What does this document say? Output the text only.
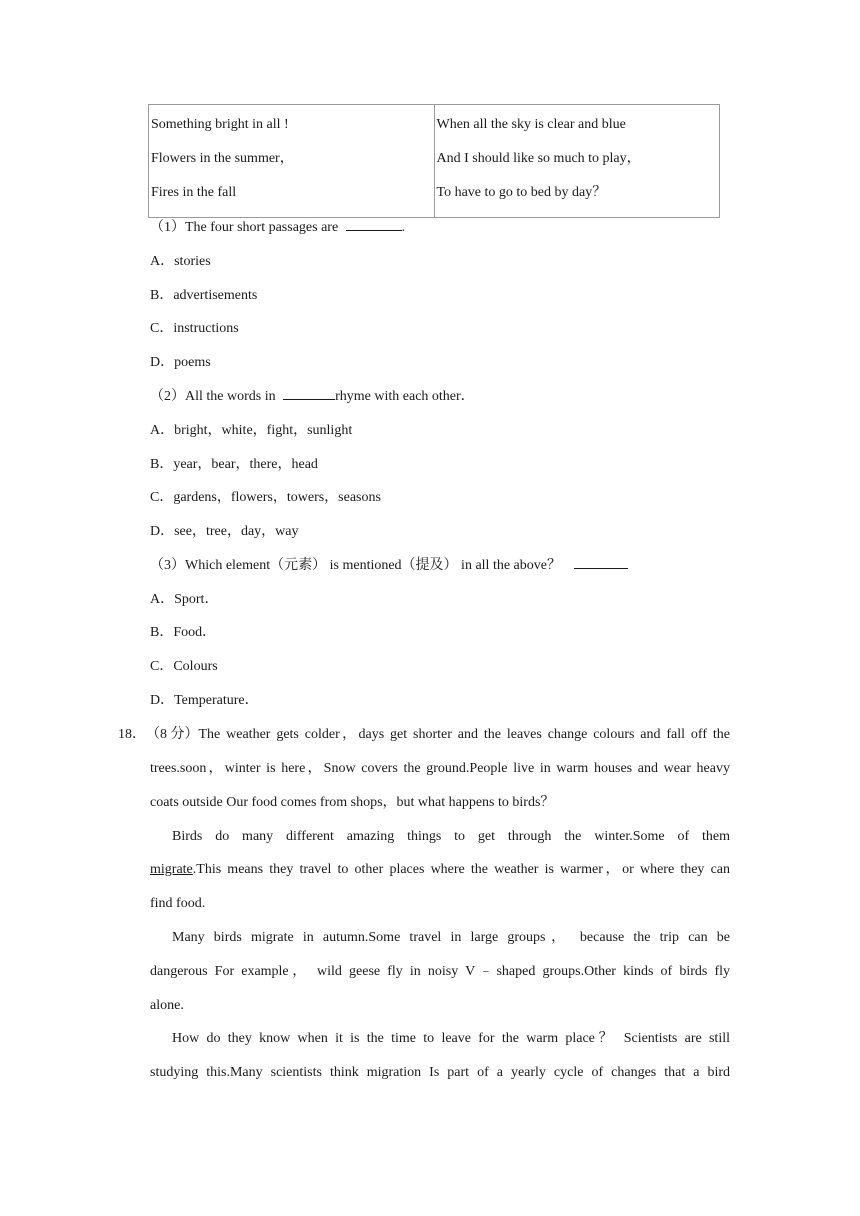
Something bright in all !
Flowers in the summer，
Fires in the fall

When all the sky is clear and blue
And I should like so much to play，
To have to go to bed by day？
（1）The four short passages are	.
A．stories
B．advertisements
C．instructions
D．poems
（2）All the words in	rhyme with each other．
A．bright，white，fight，sunlight
B．year，bear，there，head
C．gardens，flowers，towers，seasons
D．see，tree，day，way
（3）Which element（元素） is mentioned（提及） in all the above？
A．Sport．
B．Food．
C．Colours
D．Temperature．
18． （8 分） The weather gets colder，days get shorter and the leaves change colours and fall off the
trees.soon，winter is here，Snow covers the ground.People live in warm houses and wear heavy
coats outside Our food comes from shops，but what happens to birds？
Birds do many different amazing things to get through the winter.Some of them
migrate .This means they travel to other places where the weather is warmer，or where they can
find food.
Many birds migrate in autumn.Some travel in large groups， because the trip can be
dangerous For example， wild geese fly in noisy V﹣shaped groups.Other kinds of birds fly
alone.
How do they know when it is the time to leave for the warm place？ Scientists are still
studying this.Many scientists think migration Is part of a yearly cycle of changes that a bird
